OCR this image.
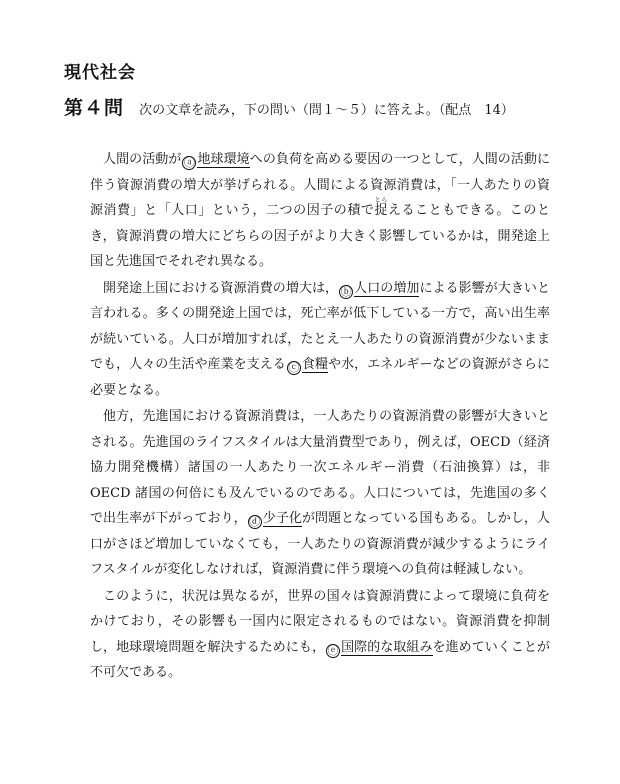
現代社会
第４問 次の文章を読み，下の問い（問１～５）に答えよ。（配点　14）

人間の活動が ⓐ 地球環境への負荷を高める要因の一つとして，人間の活動に伴う資源消費の増大が挙げられる。人間による資源消費は，「一人あたりの資源消費」と「人口」という，二つの因子の積で捉とらえることもできる。このとき，資源消費の増大にどちらの因子がより大きく影響しているかは，開発途上国と先進国でそれぞれ異なる。

開発途上国における資源消費の増大は， ⓑ 人口の増加による影響が大きいと言われる。多くの開発途上国では，死亡率が低下している一方で，高い出生率が続いている。人口が増加すれば，たとえ一人あたりの資源消費が少ないままでも，人々の生活や産業を支える ⓒ 食糧や水，エネルギーなどの資源がさらに必要となる。

他方，先進国における資源消費は，一人あたりの資源消費の影響が大きいとされる。先進国のライフスタイルは大量消費型であり，例えば，OECD（経済協力開発機構）諸国の一人あたり一次エネルギー消費（石油換算）は，非 OECD 諸国の何倍にも及んでいるのである。人口については，先進国の多くで出生率が下がっており， ⓓ 少子化が問題となっている国もある。しかし，人口がさほど増加していなくても，一人あたりの資源消費が減少するようにライフスタイルが変化しなければ，資源消費に伴う環境への負荷は軽減しない。

このように，状況は異なるが，世界の国々は資源消費によって環境に負荷をかけており，その影響も一国内に限定されるものではない。資源消費を抑制し，地球環境問題を解決するためにも， ⓔ 国際的な取組みを進めていくことが不可欠である。
